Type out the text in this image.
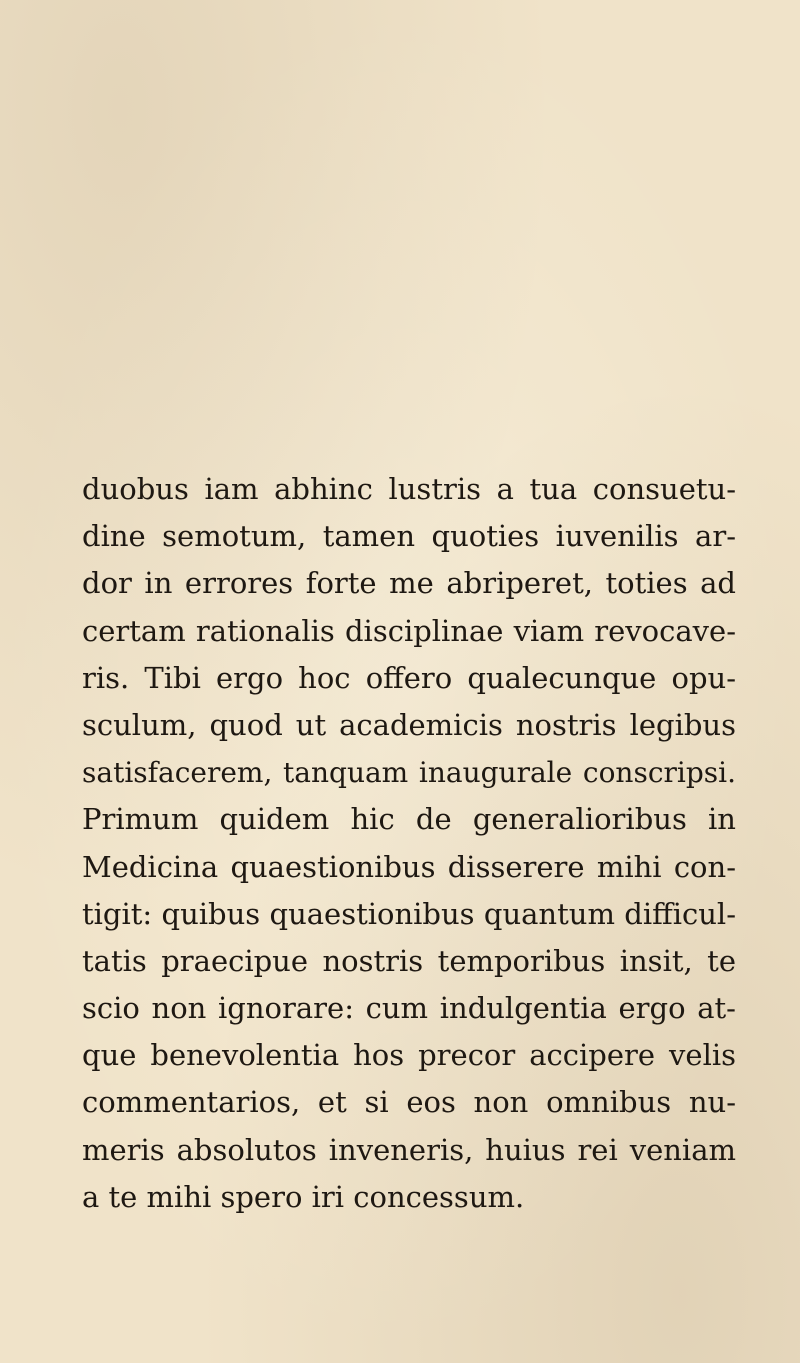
duobus iam abhinc lustris a tua consuetu-
dine semotum, tamen quoties iuvenilis ar-
dor in errores forte me abriperet, toties ad
certam rationalis disciplinae viam revocave-
ris. Tibi ergo hoc offero qualecunque opu-
sculum, quod ut academicis nostris legibus
satisfacerem, tanquam inaugurale conscripsi.
Primum quidem hic de generalioribus in
Medicina quaestionibus disserere mihi con-
tigit: quibus quaestionibus quantum difficul-
tatis praecipue nostris temporibus insit, te
scio non ignorare: cum indulgentia ergo at-
que benevolentia hos precor accipere velis
commentarios, et si eos non omnibus nu-
meris absolutos inveneris, huius rei veniam
a te mihi spero iri concessum.
